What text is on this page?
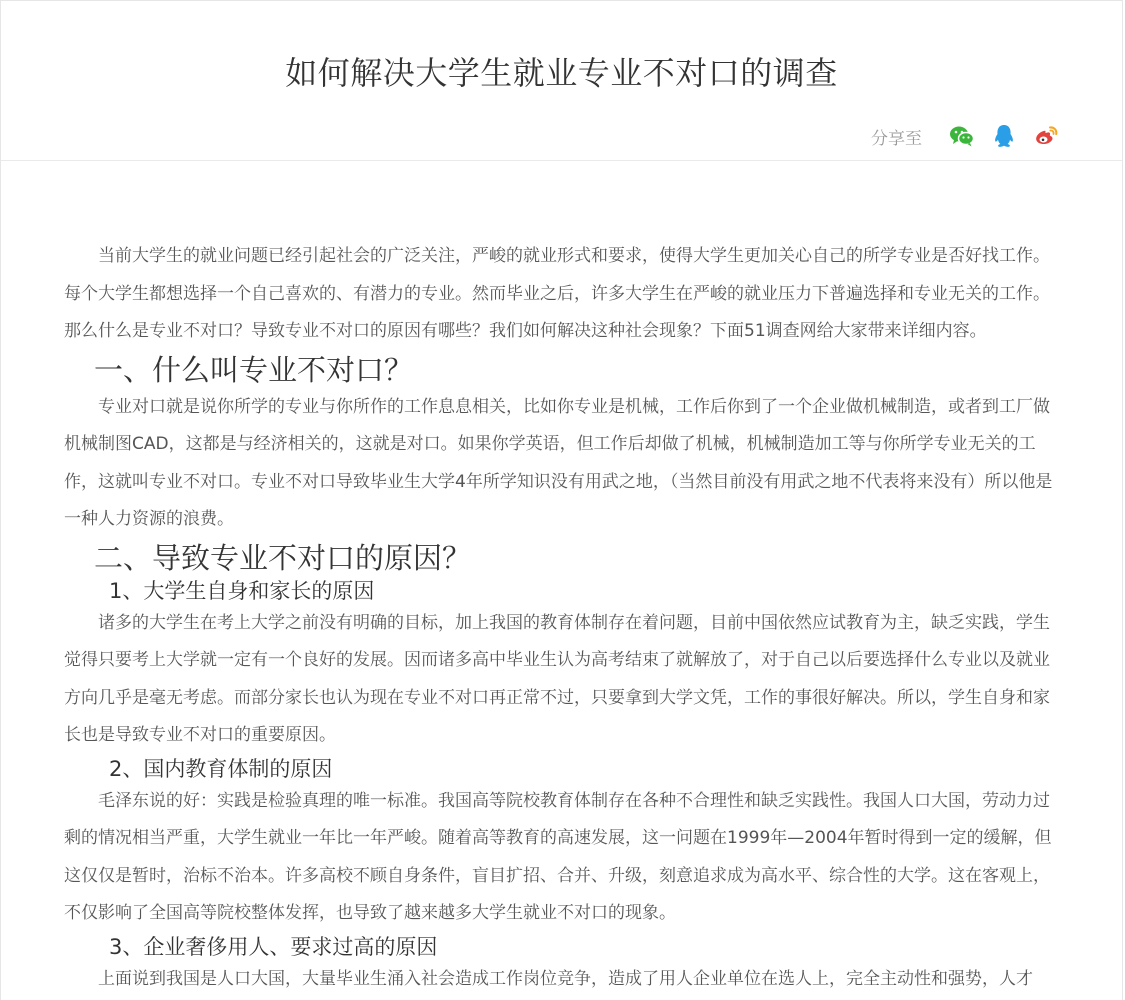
如何解决大学生就业专业不对口的调查
分享至

当前大学生的就业问题已经引起社会的广泛关注，严峻的就业形式和要求，使得大学生更加关心自己的所学专业是否好找工作。每个大学生都想选择一个自己喜欢的、有潜力的专业。然而毕业之后，许多大学生在严峻的就业压力下普遍选择和专业无关的工作。那么什么是专业不对口？导致专业不对口的原因有哪些？我们如何解决这种社会现象？下面51调查网给大家带来详细内容。

一、什么叫专业不对口？

专业对口就是说你所学的专业与你所作的工作息息相关，比如你专业是机械，工作后你到了一个企业做机械制造，或者到工厂做机械制图CAD，这都是与经济相关的，这就是对口。如果你学英语，但工作后却做了机械，机械制造加工等与你所学专业无关的工作，这就叫专业不对口。专业不对口导致毕业生大学4年所学知识没有用武之地，（当然目前没有用武之地不代表将来没有）所以他是一种人力资源的浪费。

二、导致专业不对口的原因？
1、大学生自身和家长的原因

诸多的大学生在考上大学之前没有明确的目标，加上我国的教育体制存在着问题，目前中国依然应试教育为主，缺乏实践，学生觉得只要考上大学就一定有一个良好的发展。因而诸多高中毕业生认为高考结束了就解放了，对于自己以后要选择什么专业以及就业方向几乎是毫无考虑。而部分家长也认为现在专业不对口再正常不过，只要拿到大学文凭，工作的事很好解决。所以，学生自身和家长也是导致专业不对口的重要原因。

2、国内教育体制的原因

毛泽东说的好：实践是检验真理的唯一标准。我国高等院校教育体制存在各种不合理性和缺乏实践性。我国人口大国，劳动力过剩的情况相当严重，大学生就业一年比一年严峻。随着高等教育的高速发展，这一问题在1999年—2004年暂时得到一定的缓解，但这仅仅是暂时，治标不治本。许多高校不顾自身条件，盲目扩招、合并、升级，刻意追求成为高水平、综合性的大学。这在客观上，不仅影响了全国高等院校整体发挥，也导致了越来越多大学生就业不对口的现象。

3、企业奢侈用人、要求过高的原因

上面说到我国是人口大国，大量毕业生涌入社会造成工作岗位竞争，造成了用人企业单位在选人上，完全主动性和强势，人才
